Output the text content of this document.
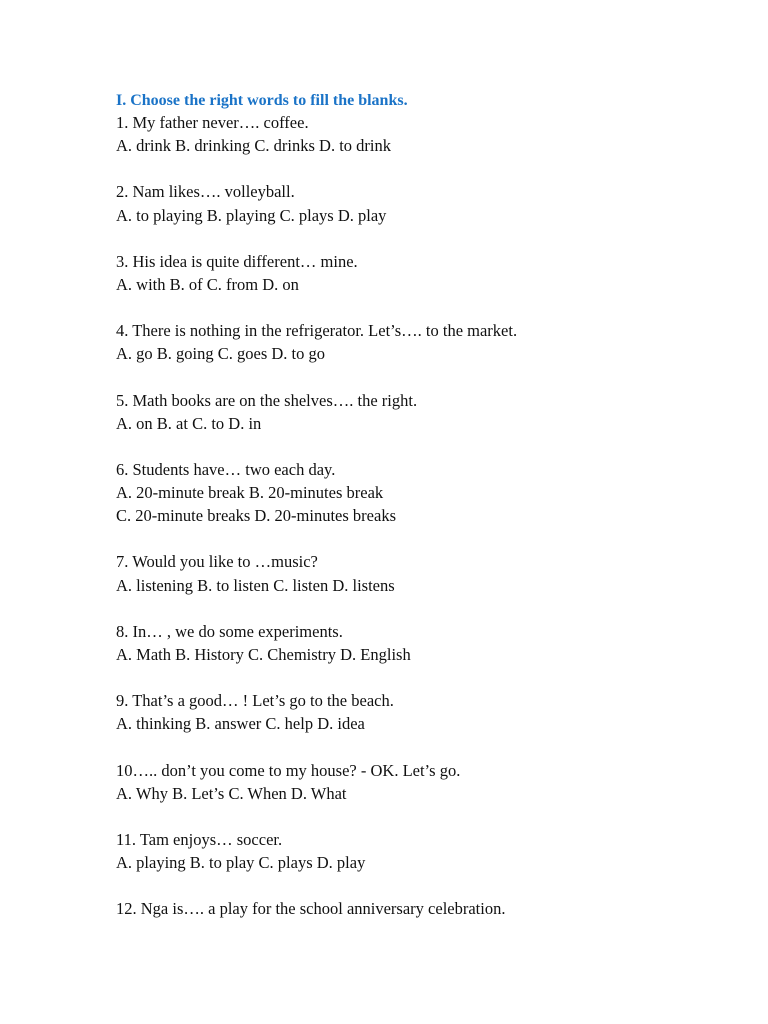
I. Choose the right words to fill the blanks.
1. My father never…. coffee.
A. drink B. drinking C. drinks D. to drink
2. Nam likes…. volleyball.
A. to playing B. playing C. plays D. play
3. His idea is quite different… mine.
A. with B. of C. from D. on
4. There is nothing in the refrigerator. Let’s…. to the market.
A. go B. going C. goes D. to go
5. Math books are on the shelves…. the right.
A. on B. at C. to D. in
6. Students have… two each day.
A. 20-minute break B. 20-minutes break
C. 20-minute breaks D. 20-minutes breaks
7. Would you like to …music?
A. listening B. to listen C. listen D. listens
8. In… , we do some experiments.
A. Math B. History C. Chemistry D. English
9. That’s a good… ! Let’s go to the beach.
A. thinking B. answer C. help D. idea
10….. don’t you come to my house? - OK. Let’s go.
A. Why B. Let’s C. When D. What
11. Tam enjoys… soccer.
A. playing B. to play C. plays D. play
12. Nga is…. a play for the school anniversary celebration.
